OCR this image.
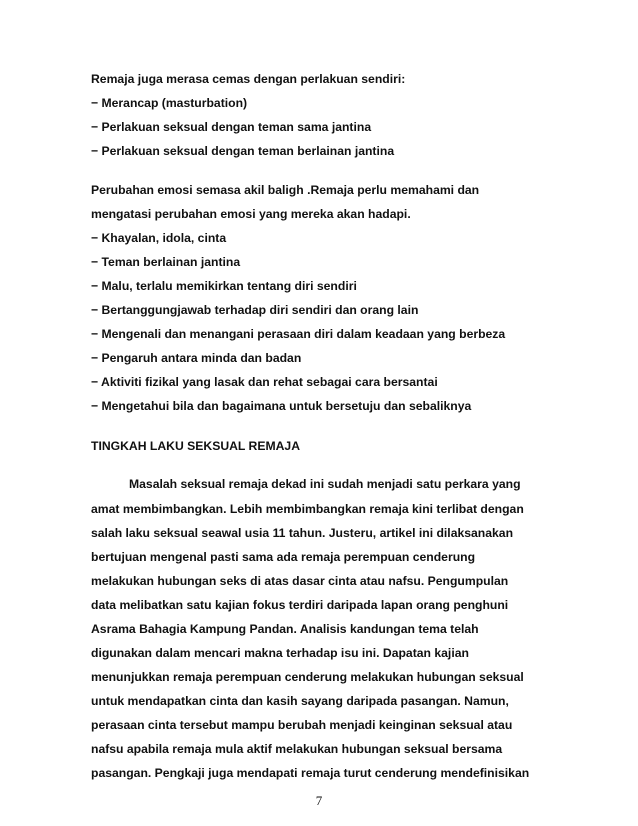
Remaja juga merasa cemas dengan perlakuan sendiri:
− Merancap (masturbation)
− Perlakuan seksual dengan teman sama jantina
− Perlakuan seksual dengan teman berlainan jantina
Perubahan emosi semasa akil baligh .Remaja perlu memahami dan
mengatasi perubahan emosi yang mereka akan hadapi.
− Khayalan, idola, cinta
− Teman berlainan jantina
− Malu, terlalu memikirkan tentang diri sendiri
− Bertanggungjawab terhadap diri sendiri dan orang lain
− Mengenali dan menangani perasaan diri dalam keadaan yang berbeza
− Pengaruh antara minda dan badan
− Aktiviti fizikal yang lasak dan rehat sebagai cara bersantai
− Mengetahui bila dan bagaimana untuk bersetuju dan sebaliknya
TINGKAH LAKU SEKSUAL REMAJA
Masalah seksual remaja dekad ini sudah menjadi satu perkara yang
amat membimbangkan. Lebih membimbangkan remaja kini terlibat dengan
salah laku seksual seawal usia 11 tahun. Justeru, artikel ini dilaksanakan
bertujuan mengenal pasti sama ada remaja perempuan cenderung
melakukan hubungan seks di atas dasar cinta atau nafsu. Pengumpulan
data melibatkan satu kajian fokus terdiri daripada lapan orang penghuni
Asrama Bahagia Kampung Pandan. Analisis kandungan tema telah
digunakan dalam mencari makna terhadap isu ini. Dapatan kajian
menunjukkan remaja perempuan cenderung melakukan hubungan seksual
untuk mendapatkan cinta dan kasih sayang daripada pasangan. Namun,
perasaan cinta tersebut mampu berubah menjadi keinginan seksual atau
nafsu apabila remaja mula aktif melakukan hubungan seksual bersama
pasangan. Pengkaji juga mendapati remaja turut cenderung mendefinisikan
7
